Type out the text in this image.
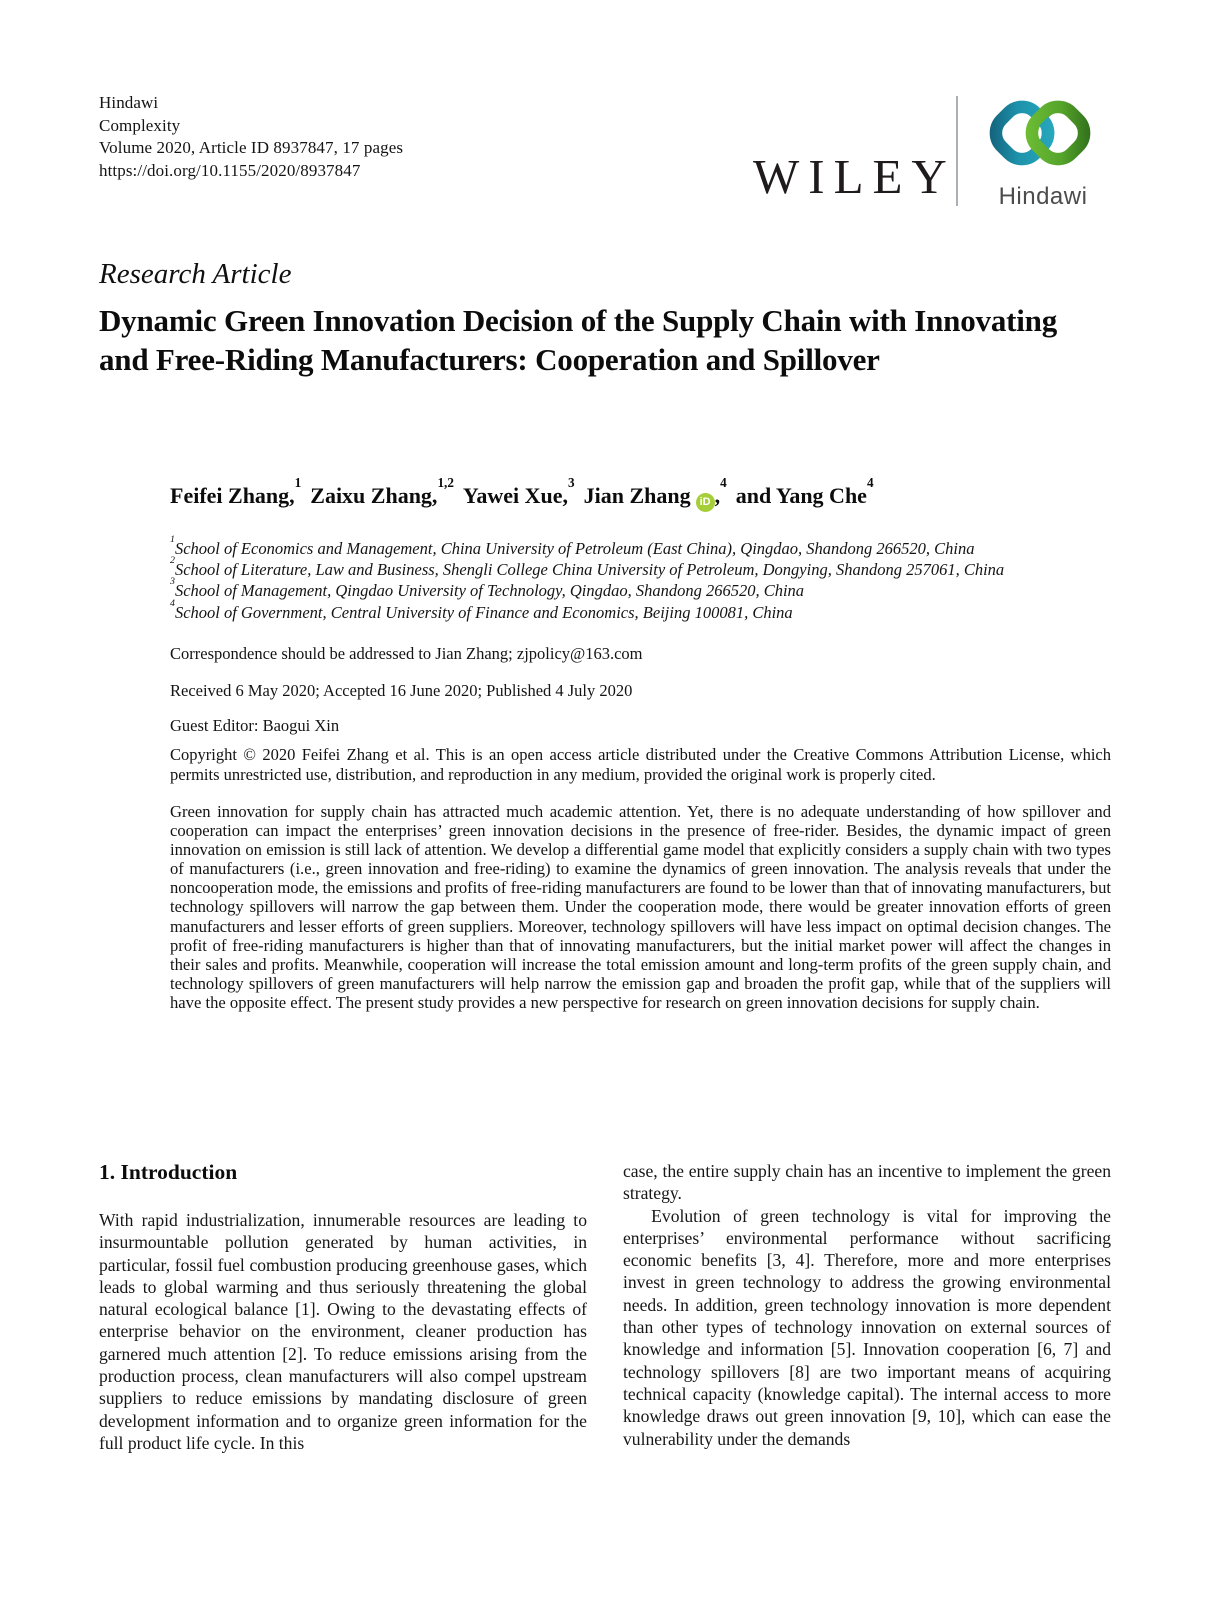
Hindawi
Complexity
Volume 2020, Article ID 8937847, 17 pages
https://doi.org/10.1155/2020/8937847	WILEY	Hindawi
Research Article
Dynamic Green Innovation Decision of the Supply Chain with Innovating and Free-Riding Manufacturers: Cooperation and Spillover
Feifei Zhang,$^1$Zaixu Zhang,$^{1,2}$Yawei Xue,$^3$Jian Zhang iD ,$^4$and Yang Che$^4$
$^1$School of Economics and Management, China University of Petroleum (East China), Qingdao, Shandong 266520, China
$^2$School of Literature, Law and Business, Shengli College China University of Petroleum, Dongying, Shandong 257061, China
$^3$School of Management, Qingdao University of Technology, Qingdao, Shandong 266520, China
$^4$School of Government, Central University of Finance and Economics, Beijing 100081, China
Correspondence should be addressed to Jian Zhang; zjpolicy@163.com
Received 6 May 2020; Accepted 16 June 2020; Published 4 July 2020
Guest Editor: Baogui Xin
Copyright © 2020 Feifei Zhang et al. This is an open access article distributed under the Creative Commons Attribution License, which permits unrestricted use, distribution, and reproduction in any medium, provided the original work is properly cited.
Green innovation for supply chain has attracted much academic attention. Yet, there is no adequate understanding of how spillover and cooperation can impact the enterprises’ green innovation decisions in the presence of free-rider. Besides, the dynamic impact of green innovation on emission is still lack of attention. We develop a differential game model that explicitly considers a supply chain with two types of manufacturers (i.e., green innovation and free-riding) to examine the dynamics of green innovation. The analysis reveals that under the noncooperation mode, the emissions and profits of free-riding manufacturers are found to be lower than that of innovating manufacturers, but technology spillovers will narrow the gap between them. Under the cooperation mode, there would be greater innovation efforts of green manufacturers and lesser efforts of green suppliers. Moreover, technology spillovers will have less impact on optimal decision changes. The profit of free-riding manufacturers is higher than that of innovating manufacturers, but the initial market power will affect the changes in their sales and profits. Meanwhile, cooperation will increase the total emission amount and long-term profits of the green supply chain, and technology spillovers of green manufacturers will help narrow the emission gap and broaden the profit gap, while that of the suppliers will have the opposite effect. The present study provides a new perspective for research on green innovation decisions for supply chain.
1. Introduction
With rapid industrialization, innumerable resources are leading to insurmountable pollution generated by human activities, in particular, fossil fuel combustion producing greenhouse gases, which leads to global warming and thus seriously threatening the global natural ecological balance [1]. Owing to the devastating effects of enterprise behavior on the environment, cleaner production has garnered much attention [2]. To reduce emissions arising from the production process, clean manufacturers will also compel upstream suppliers to reduce emissions by mandating disclosure of green development information and to organize green information for the full product life cycle. In this
case, the entire supply chain has an incentive to implement the green strategy.
Evolution of green technology is vital for improving the enterprises’ environmental performance without sacrificing economic benefits [3, 4]. Therefore, more and more enterprises invest in green technology to address the growing environmental needs. In addition, green technology innovation is more dependent than other types of technology innovation on external sources of knowledge and information [5]. Innovation cooperation [6, 7] and technology spillovers [8] are two important means of acquiring technical capacity (knowledge capital). The internal access to more knowledge draws out green innovation [9, 10], which can ease the vulnerability under the demands
